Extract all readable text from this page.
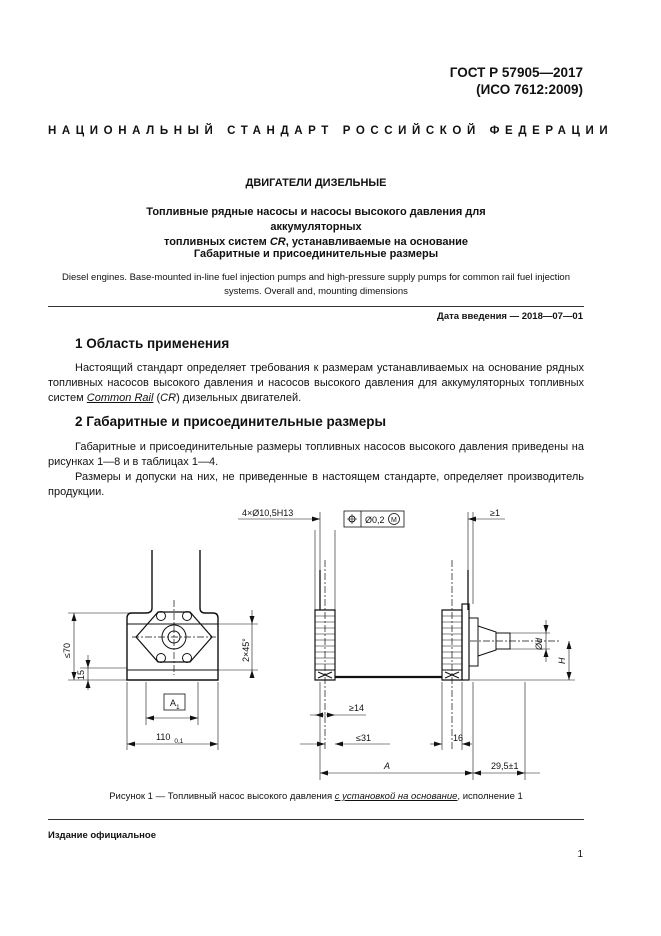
ГОСТ Р 57905—2017
(ИСО 7612:2009)
НАЦИОНАЛЬНЫЙ СТАНДАРТ РОССИЙСКОЙ ФЕДЕРАЦИИ
ДВИГАТЕЛИ ДИЗЕЛЬНЫЕ
Топливные рядные насосы и насосы высокого давления для аккумуляторных
топливных систем CR, устанавливаемые на основание
Габаритные и присоединительные размеры
Diesel engines. Base-mounted in-line fuel injection pumps and high-pressure supply pumps for common rail fuel injection
systems. Overall and, mounting dimensions
Дата введения — 2018—07—01
1 Область применения

Настоящий стандарт определяет требования к размерам устанавливаемых на основание рядных топливных насосов высокого давления и насосов высокого давления для аккумуляторных топливных систем Common Rail (CR) дизельных двигателей.

2 Габаритные и присоединительные размеры

Габаритные и присоединительные размеры топливных насосов высокого давления приведены на рисунках 1—8 и в таблицах 1—4.

Размеры и допуски на них, не приведенные в настоящем стандарте, определяет производитель продукции.

4×Ø10,5H13
Ø0,2 M
≥1
≤70
15
2×45°
$A_1$
110 $_{0,1}$
≥14
≤31	16
A	29,5±1
Ød
H
Рисунок 1 — Топливный насос высокого давления с установкой на основание, исполнение 1
Издание официальное
1
